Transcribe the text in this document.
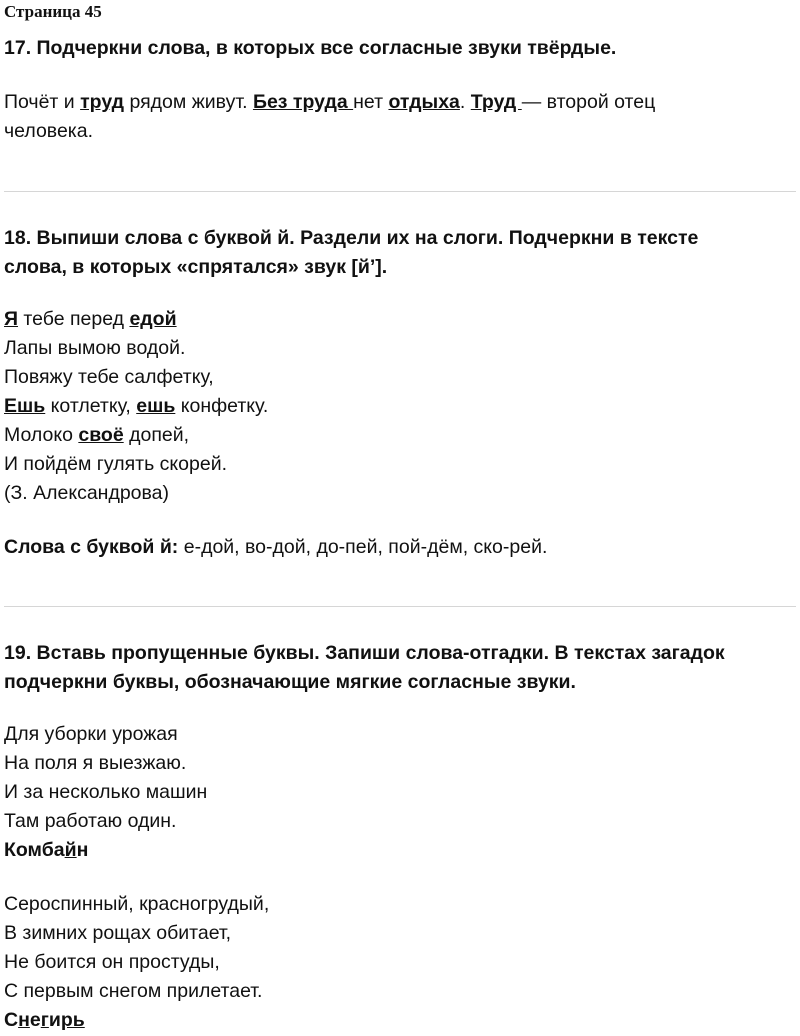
Страница 45

17. Подчеркни слова, в которых все согласные звуки твёрдые.

Почёт и труд рядом живут. Без труда нет отдыха. Труд — второй отец
человека.

18. Выпиши слова с буквой й. Раздели их на слоги. Подчеркни в тексте
слова, в которых «спрятался» звук [й’].

Я тебе перед едой
Лапы вымою водой.
Повяжу тебе салфетку,
Ешь котлетку, ешь конфетку.
Молоко своё допей,
И пойдём гулять скорей.
(З. Александрова)
Слова с буквой й: е-дой, во-дой, до-пей, пой-дём, ско-рей.

19. Вставь пропущенные буквы. Запиши слова-отгадки. В текстах загадок
подчеркни буквы, обозначающие мягкие согласные звуки.

Для уборки урожая
На поля я выезжаю.
И за несколько машин
Там работаю один.
Комбайн
Сероспинный, красногрудый,
В зимних рощах обитает,
Не боится он простуды,
С первым снегом прилетает.
Снегирь
